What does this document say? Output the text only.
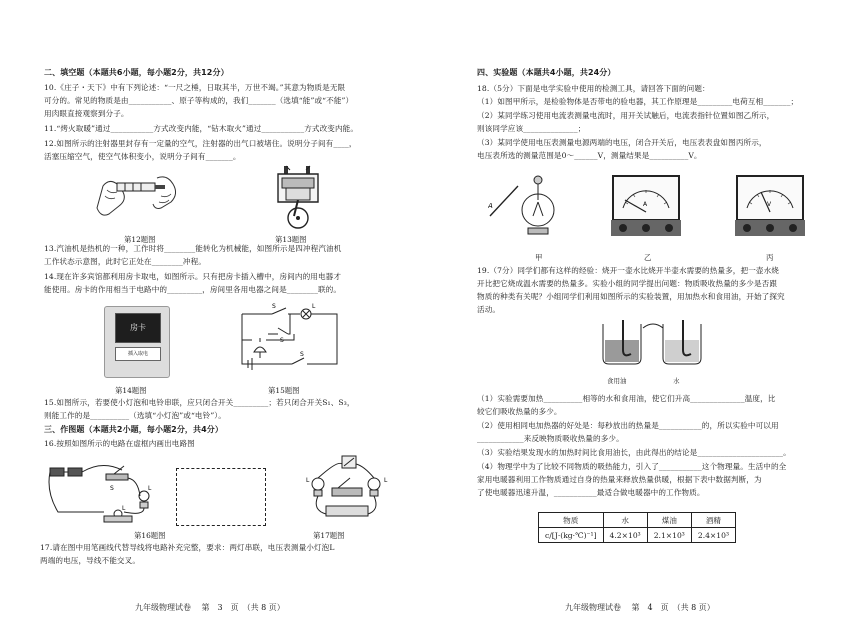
二、填空题（本题共6小题，每小题2分，共12分）
10.《庄子・天下》中有下列论述：“一尺之棰，日取其半，万世不竭。”其意为物质是无限
可分的。常见的物质是由___________、原子等构成的，我们_______（选填“能”或“不能”）
用肉眼直接观察到分子。
11.“烤火取暖”通过___________方式改变内能，“钻木取火”通过___________方式改变内能。
12.如图所示的注射器里封存有一定量的空气，注射器的出气口被堵住。说明分子间有____，
活塞压缩空气，使空气体积变小，说明分子间有_______。
第12题图	第13题图
13.汽油机是热机的一种，工作时将________能转化为机械能，如图所示是四冲程汽油机
工作状态示意图，此时它正处在________冲程。
14.现在许多宾馆都利用房卡取电，如图所示。只有把房卡插入槽中，房间内的用电器才
能使用。房卡的作用相当于电路中的_________，房间里各用电器之间是________联的。
房卡
插入取电
第14题图
S	L
S
S
第15题图
15.如图所示，若要使小灯泡和电铃串联，应只闭合开关_________；若只闭合开关S₁、S₃，
则能工作的是__________（选填“小灯泡”或“电铃”）。
三、作图题（本题共2小题，每小题2分，共4分）
16.按照如图所示的电路在虚框内画出电路图
S	L
L
L	L
第16题图	第17题图
17.请在图中用笔画线代替导线将电路补充完整，要求：两灯串联，电压表测量小灯泡L
两端的电压，导线不能交叉。
九年级物理试卷　 第　3　页　（共 8 页）
四、实验题（本题共4小题，共24分）
18.（5分）下面是电学实验中使用的检测工具，请回答下面的问题：
（1）如图甲所示，是检验物体是否带电的验电器，其工作原理是_________电荷互相_______；
（2）某同学练习使用电流表测量电流时，用开关试触后，电流表指针位置如图乙所示，
则该同学应该______________；
（3）某同学使用电压表测量电源两端的电压，闭合开关后，电压表表盘如图丙所示，
电压表所选的测量范围是0～______V，测量结果是__________V。
A
甲
A
乙
V
丙
19.（7分）同学们都有这样的经验：烧开一壶水比烧开半壶水需要的热量多，把一壶水烧
开比把它烧成温水需要的热量多。实验小组的同学提出问题：物质吸收热量的多少是否跟
物质的种类有关呢？小组同学们利用如图所示的实验装置，用加热水和食用油，开始了探究
活动。
食用油	水
（1）实验需要加热__________相等的水和食用油，使它们升高______________温度，比
较它们吸收热量的多少。
（2）使用相同电加热器的好处是：每秒放出的热量是___________的，所以实验中可以用
____________来反映物质吸收热量的多少。
（3）实验结果发现水的加热时间比食用油长，由此得出的结论是______________________。
（4）物理学中为了比较不同物质的吸热能力，引入了___________这个物理量。生活中的全
家用电暖器利用工作物质通过自身的热量来释放热量供暖，根据下表中数据判断，为
了使电暖器迅速升温，___________最适合做电暖器中的工作物质。
物质	水	煤油	酒精
c/[J·(kg·℃)⁻¹]	4.2×10³	2.1×10³	2.4×10³
九年级物理试卷　 第　4　页　（共 8 页）
